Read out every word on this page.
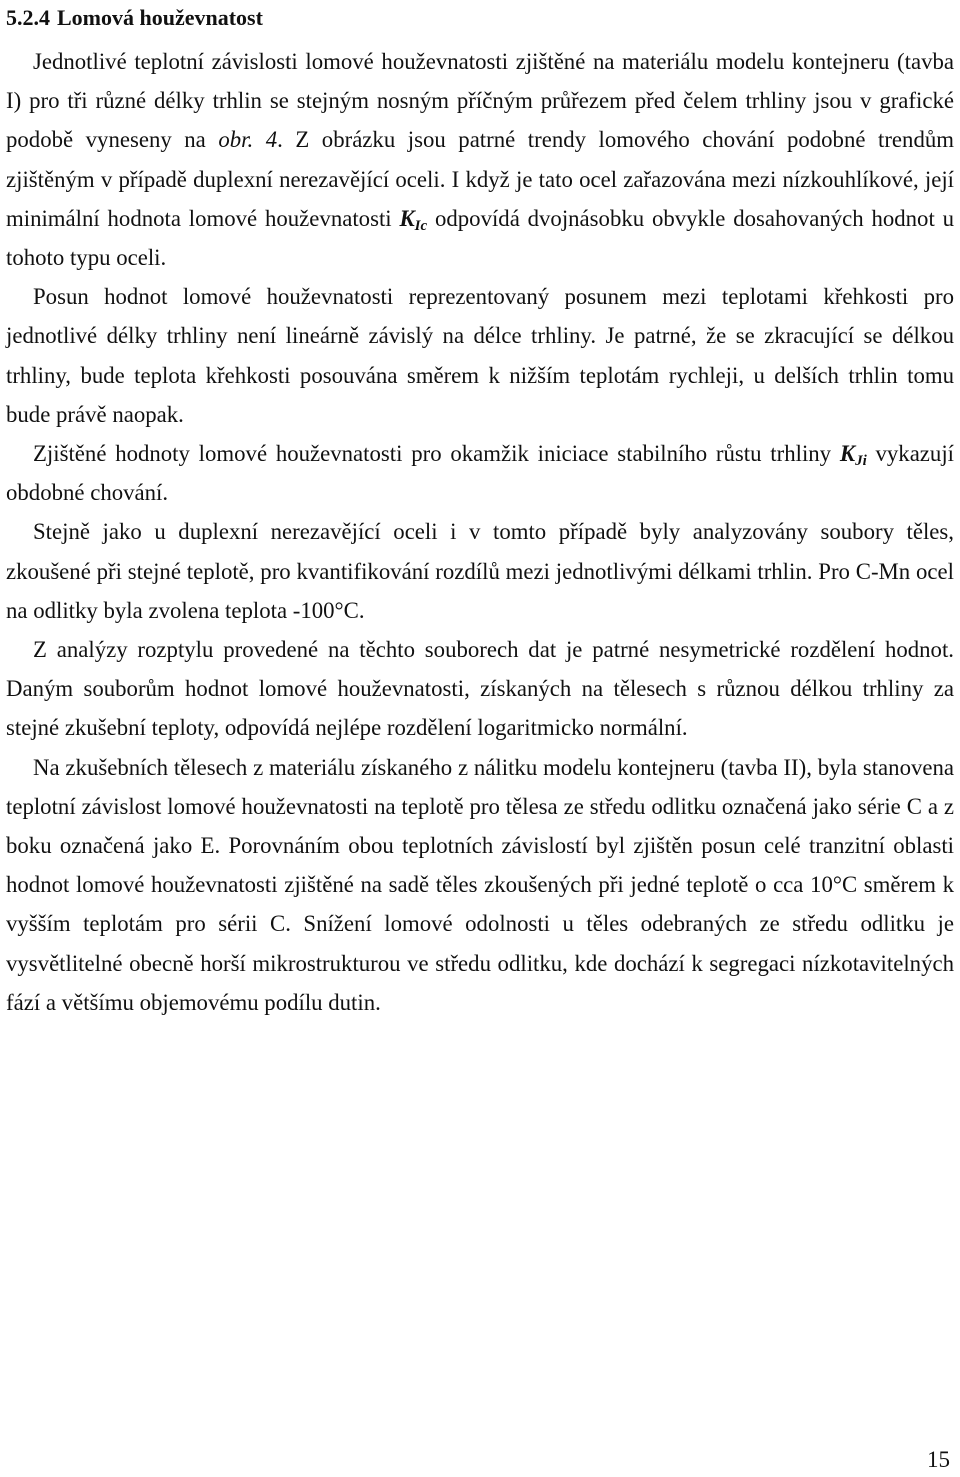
5.2.4 Lomová houževnatost

Jednotlivé teplotní závislosti lomové houževnatosti zjištěné na materiálu modelu kontejneru (tavba I) pro tři různé délky trhlin se stejným nosným příčným průřezem před čelem trhliny jsou v grafické podobě vyneseny na obr. 4. Z obrázku jsou patrné trendy lomového chování podobné trendům zjištěným v případě duplexní nerezavějící oceli. I když je tato ocel zařazována mezi nízkouhlíkové, její minimální hodnota lomové houževnatosti $K_{Ic}$ odpovídá dvojnásobku obvykle dosahovaných hodnot u tohoto typu oceli.

Posun hodnot lomové houževnatosti reprezentovaný posunem mezi teplotami křehkosti pro jednotlivé délky trhliny není lineárně závislý na délce trhliny. Je patrné, že se zkracující se délkou trhliny, bude teplota křehkosti posouvána směrem k nižším teplotám rychleji, u delších trhlin tomu bude právě naopak.

Zjištěné hodnoty lomové houževnatosti pro okamžik iniciace stabilního růstu trhliny $K_{Ji}$ vykazují obdobné chování.

Stejně jako u duplexní nerezavějící oceli i v tomto případě byly analyzovány soubory těles, zkoušené při stejné teplotě, pro kvantifikování rozdílů mezi jednotlivými délkami trhlin. Pro C-Mn ocel na odlitky byla zvolena teplota -100°C.

Z analýzy rozptylu provedené na těchto souborech dat je patrné nesymetrické rozdělení hodnot. Daným souborům hodnot lomové houževnatosti, získaných na tělesech s různou délkou trhliny za stejné zkušební teploty, odpovídá nejlépe rozdělení logaritmicko normální.

Na zkušebních tělesech z materiálu získaného z nálitku modelu kontejneru (tavba II), byla stanovena teplotní závislost lomové houževnatosti na teplotě pro tělesa ze středu odlitku označená jako série C a z boku označená jako E. Porovnáním obou teplotních závislostí byl zjištěn posun celé tranzitní oblasti hodnot lomové houževnatosti zjištěné na sadě těles zkoušených při jedné teplotě o cca 10°C směrem k vyšším teplotám pro sérii C. Snížení lomové odolnosti u těles odebraných ze středu odlitku je vysvětlitelné obecně horší mikrostrukturou ve středu odlitku, kde dochází k segregaci nízkotavitelných fází a většímu objemovému podílu dutin.

15
